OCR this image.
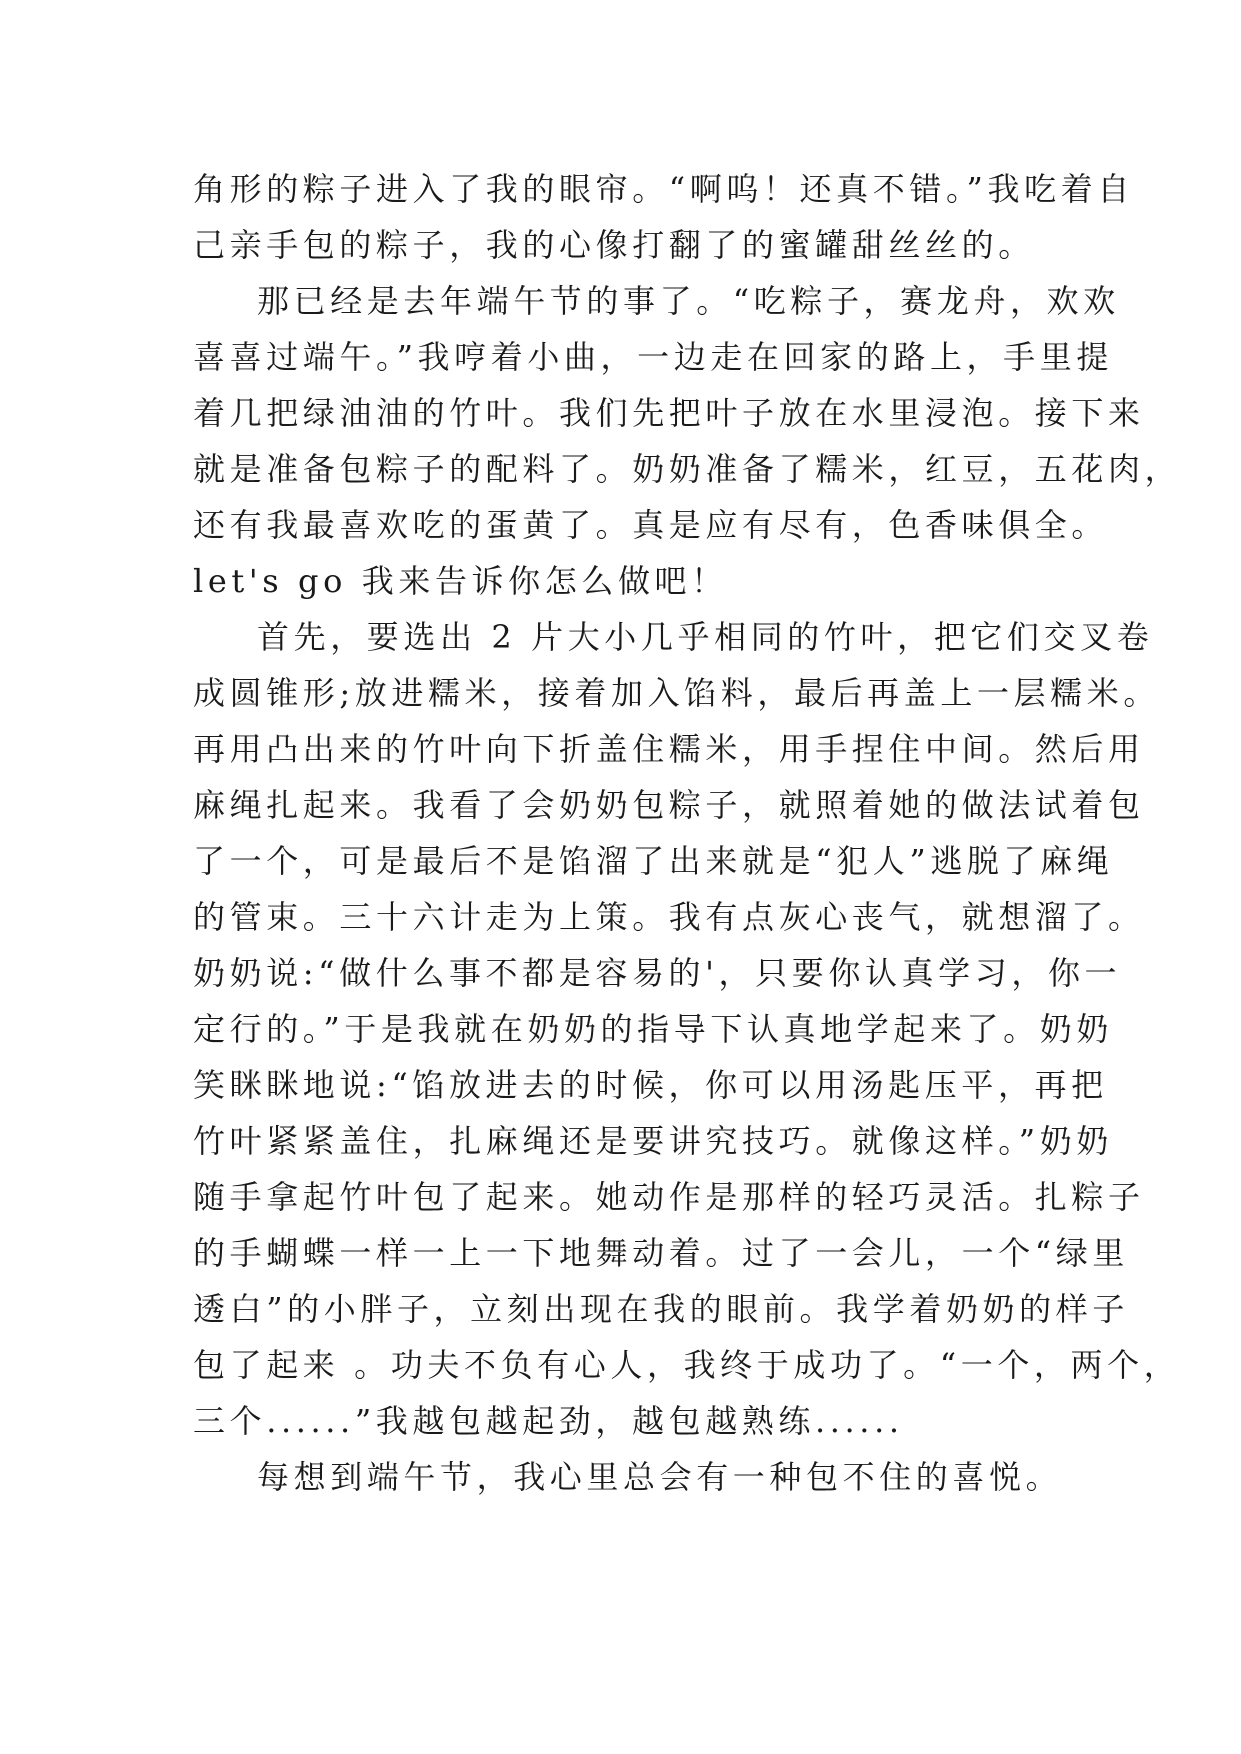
角形的粽子进入了我的眼帘。“啊呜！还真不错。”我吃着自
己亲手包的粽子，我的心像打翻了的蜜罐甜丝丝的。
那已经是去年端午节的事了。“吃粽子，赛龙舟，欢欢
喜喜过端午。”我哼着小曲，一边走在回家的路上，手里提
着几把绿油油的竹叶。我们先把叶子放在水里浸泡。接下来
就是准备包粽子的配料了。奶奶准备了糯米，红豆，五花肉，
还有我最喜欢吃的蛋黄了。真是应有尽有，色香味俱全。
let's go 我来告诉你怎么做吧！
首先，要选出 2 片大小几乎相同的竹叶，把它们交叉卷
成圆锥形;放进糯米，接着加入馅料，最后再盖上一层糯米。
再用凸出来的竹叶向下折盖住糯米，用手捏住中间。然后用
麻绳扎起来。我看了会奶奶包粽子，就照着她的做法试着包
了一个，可是最后不是馅溜了出来就是“犯人”逃脱了麻绳
的管束。三十六计走为上策。我有点灰心丧气，就想溜了。
奶奶说:“做什么事不都是容易的'，只要你认真学习，你一
定行的。”于是我就在奶奶的指导下认真地学起来了。奶奶
笑眯眯地说:“馅放进去的时候，你可以用汤匙压平，再把
竹叶紧紧盖住，扎麻绳还是要讲究技巧。就像这样。”奶奶
随手拿起竹叶包了起来。她动作是那样的轻巧灵活。扎粽子
的手蝴蝶一样一上一下地舞动着。过了一会儿，一个“绿里
透白”的小胖子，立刻出现在我的眼前。我学着奶奶的样子
包了起来 。功夫不负有心人，我终于成功了。“一个，两个，
三个......”我越包越起劲，越包越熟练......
每想到端午节，我心里总会有一种包不住的喜悦。
